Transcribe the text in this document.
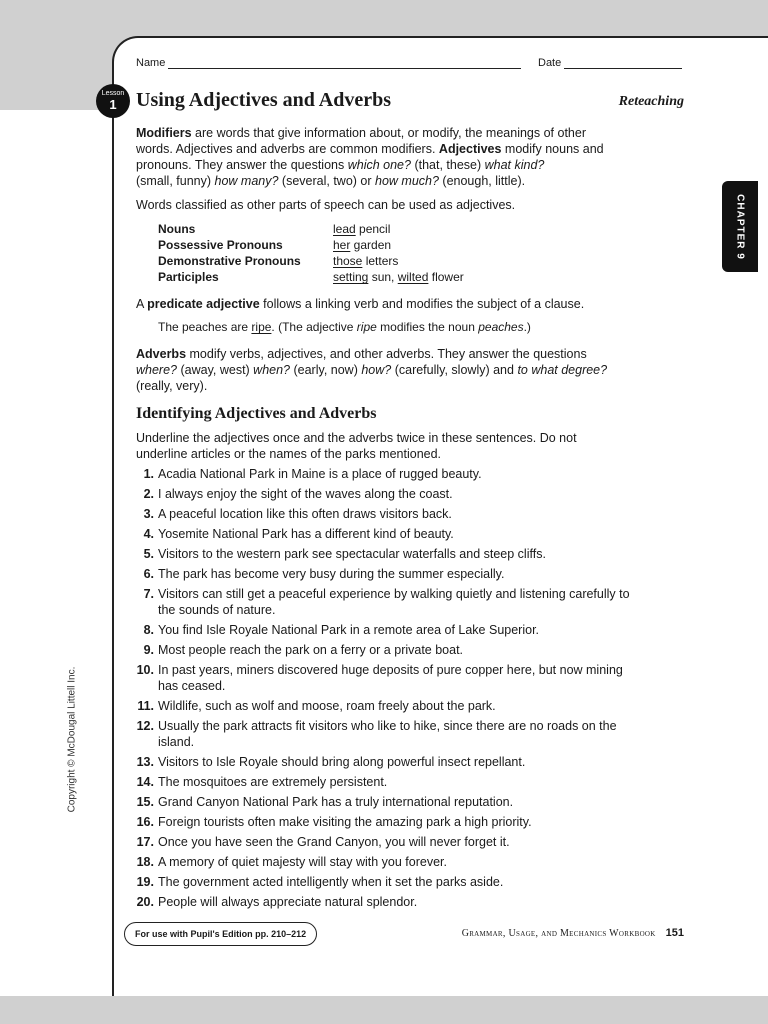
Name	Date
Lesson
1 Using Adjectives and Adverbs	Reteaching
CHAPTER 9

Modifiers are words that give information about, or modify, the meanings of other words. Adjectives and adverbs are common modifiers. Adjectives modify nouns and pronouns. They answer the questions which one? (that, these) what kind?
(small, funny) how many? (several, two) or how much? (enough, little).

Words classified as other parts of speech can be used as adjectives.
Nouns	lead pencil
Possessive Pronouns	her garden
Demonstrative Pronouns	those letters
Participles	setting sun, wilted flower
A predicate adjective follows a linking verb and modifies the subject of a clause.
The peaches are ripe. (The adjective ripe modifies the noun peaches.)
Adverbs modify verbs, adjectives, and other adverbs. They answer the questions
where? (away, west) when? (early, now) how? (carefully, slowly) and to what degree? (really, very).
Identifying Adjectives and Adverbs
Underline the adjectives once and the adverbs twice in these sentences. Do not underline articles or the names of the parks mentioned.
1. Acadia National Park in Maine is a place of rugged beauty.
2. I always enjoy the sight of the waves along the coast.
3. A peaceful location like this often draws visitors back.
4. Yosemite National Park has a different kind of beauty.
5. Visitors to the western park see spectacular waterfalls and steep cliffs.
6. The park has become very busy during the summer especially.
7. Visitors can still get a peaceful experience by walking quietly and listening carefully to the sounds of nature.
8. You find Isle Royale National Park in a remote area of Lake Superior.
9. Most people reach the park on a ferry or a private boat.
10. In past years, miners discovered huge deposits of pure copper here, but now mining has ceased.
11. Wildlife, such as wolf and moose, roam freely about the park.
12. Usually the park attracts fit visitors who like to hike, since there are no roads on the island.
13. Visitors to Isle Royale should bring along powerful insect repellant.
14. The mosquitoes are extremely persistent.
15. Grand Canyon National Park has a truly international reputation.
16. Foreign tourists often make visiting the amazing park a high priority.
17. Once you have seen the Grand Canyon, you will never forget it.
18. A memory of quiet majesty will stay with you forever.
19. The government acted intelligently when it set the parks aside.
20. People will always appreciate natural splendor.
Copyright © McDougal Littell Inc.
For use with Pupil's Edition pp. 210–212	Grammar, Usage, and Mechanics Workbook 151
